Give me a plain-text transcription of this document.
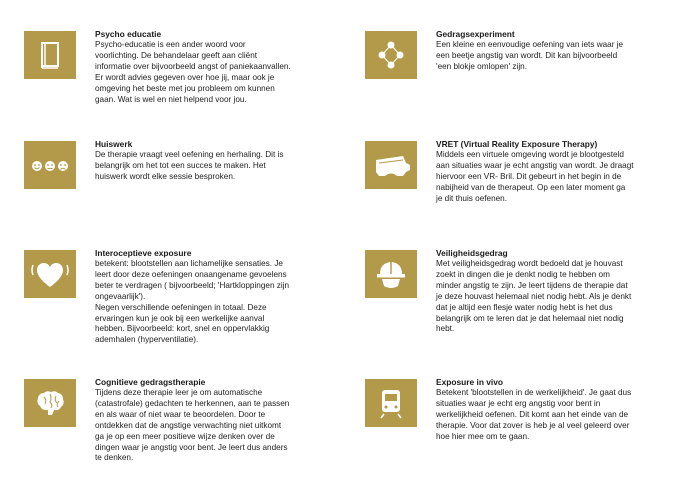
Psycho educatie

Psycho-educatie is een ander woord voor
voorlichting. De behandelaar geeft aan cliënt
informatie over bijvoorbeeld angst of paniekaanvallen.
Er wordt advies gegeven over hoe jij, maar ook je
omgeving het beste met jou probleem om kunnen
gaan. Wat is wel en niet helpend voor jou.

Gedragsexperiment

Een kleine en eenvoudige oefening van iets waar je
een beetje angstig van wordt. Dit kan bijvoorbeeld
'een blokje omlopen' zijn.

Huiswerk

De therapie vraagt veel oefening en herhaling. Dit is
belangrijk om het tot een succes te maken. Het
huiswerk wordt elke sessie besproken.

VRET (Virtual Reality Exposure Therapy)

Middels een virtuele omgeving wordt je blootgesteld
aan situaties waar je echt angstig van wordt. Je draagt
hiervoor een VR- Bril. Dit gebeurt in het begin in de
nabijheid van de therapeut. Op een later moment ga
je dit thuis oefenen.

Interoceptieve exposure

betekent: blootstellen aan lichamelijke sensaties. Je
leert door deze oefeningen onaangename gevoelens
beter te verdragen ( bijvoorbeeld; 'Hartkloppingen zijn
ongevaarlijk').
Negen verschillende oefeningen in totaal. Deze
ervaringen kun je ook bij een werkelijke aanval
hebben. Bijvoorbeeld: kort, snel en oppervlakkig
ademhalen (hyperventilatie).

Veiligheidsgedrag

Met veiligheidsgedrag wordt bedoeld dat je houvast
zoekt in dingen die je denkt nodig te hebben om
minder angstig te zijn. Je leert tijdens de therapie dat
je deze houvast helemaal niet nodig hebt. Als je denkt
dat je altijd een flesje water nodig hebt is het dus
belangrijk om te leren dat je dat helemaal niet nodig
hebt.

Cognitieve gedragstherapie

Tijdens deze therapie leer je om automatische
(catastrofale) gedachten te herkennen, aan te passen
en als waar of niet waar te beoordelen. Door te
ontdekken dat de angstige verwachting niet uitkomt
ga je op een meer positieve wijze denken over de
dingen waar je angstig voor bent. Je leert dus anders
te denken.

Exposure in vivo

Betekent 'blootstellen in de werkelijkheid'. Je gaat dus
situaties waar je echt erg angstig voor bent in
werkelijkheid oefenen. Dit komt aan het einde van de
therapie. Voor dat zover is heb je al veel geleerd over
hoe hier mee om te gaan.
